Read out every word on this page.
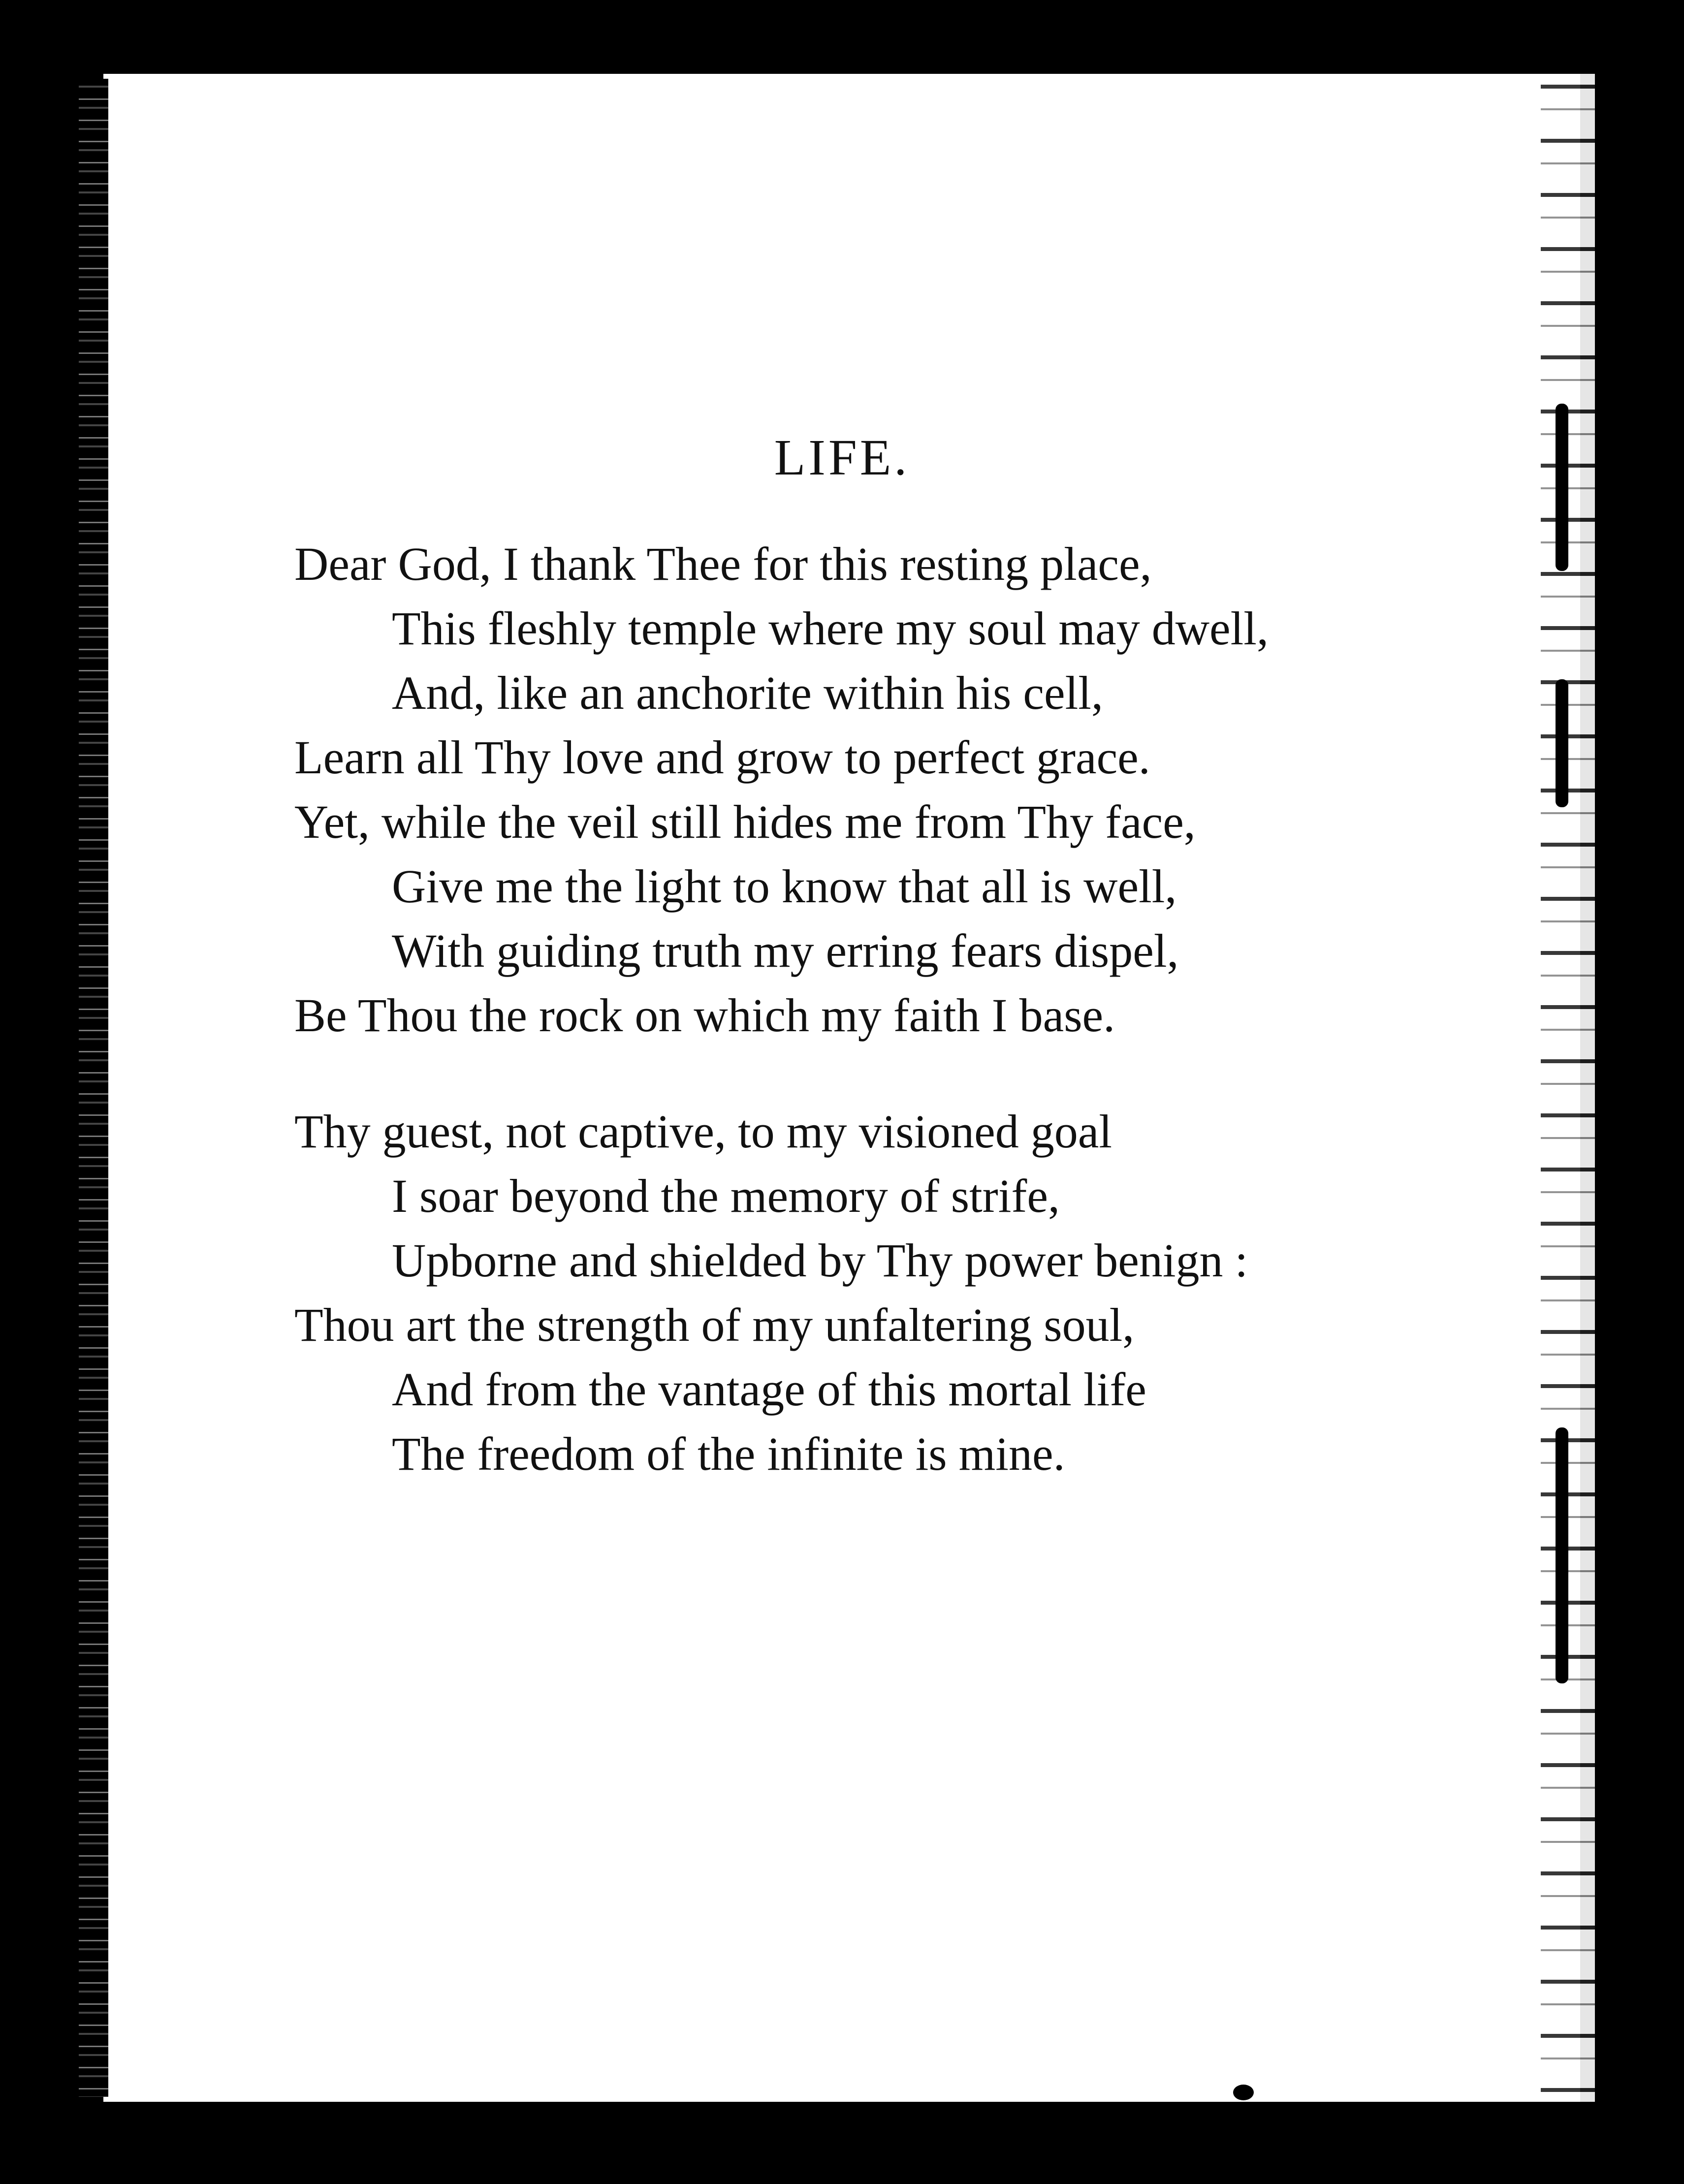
LIFE.
Dear God, I thank Thee for this resting place,
This fleshly temple where my soul may dwell,
And, like an anchorite within his cell,
Learn all Thy love and grow to perfect grace.
Yet, while the veil still hides me from Thy face,
Give me the light to know that all is well,
With guiding truth my erring fears dispel,
Be Thou the rock on which my faith I base.
Thy guest, not captive, to my visioned goal
I soar beyond the memory of strife,
Upborne and shielded by Thy power benign :
Thou art the strength of my unfaltering soul,
And from the vantage of this mortal life
The freedom of the infinite is mine.
